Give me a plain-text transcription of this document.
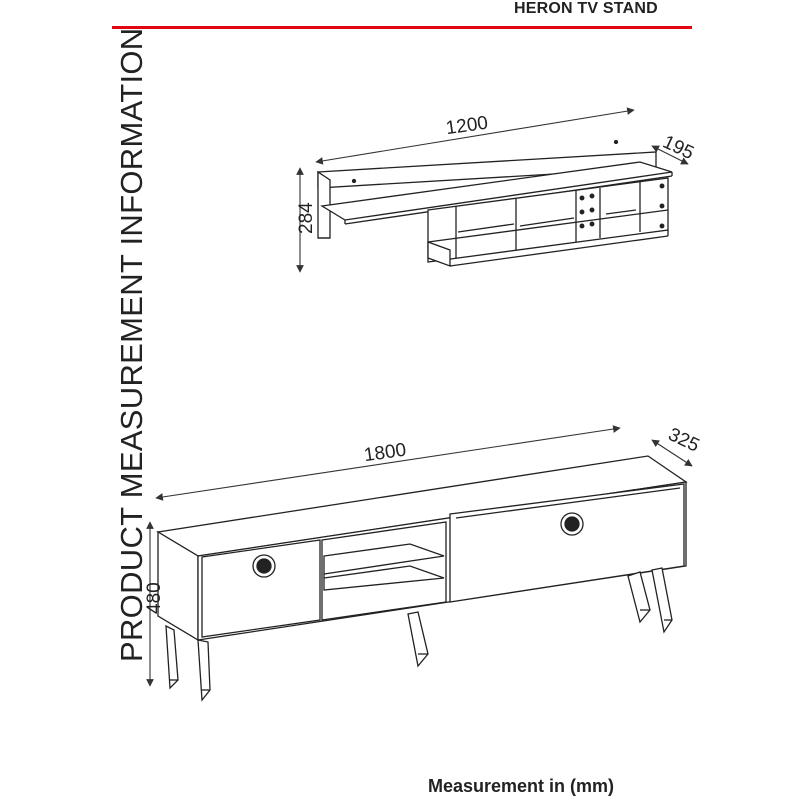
HERON TV STAND
PRODUCT MEASUREMENT INFORMATION	1200
195
284
1800	325
480
Measurement in (mm)
